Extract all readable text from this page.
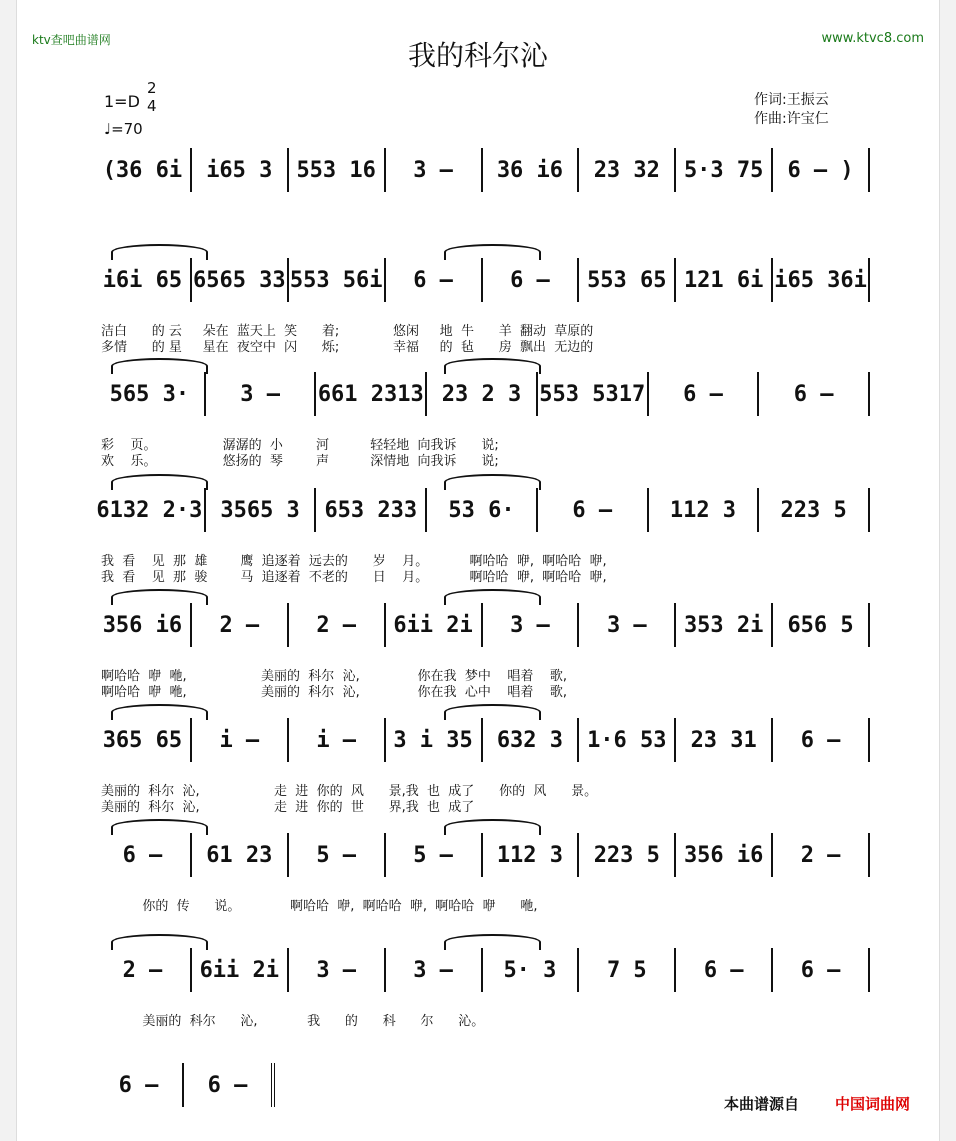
ktv查吧曲谱网	www.ktvc8.com
我的科尔沁
1=D
2
4
♩=70
作词:王振云
作曲:许宝仁
(36 6i	i65 3	553 16	3 –	36 i6	23 32	5·3 75	6 – )
i6i 65 6565 33 553 56i	6 –	6 –	553 65 121 6i i65 36i
洁白      的 云     朵在  蓝天上  笑      着;             悠闲     地  牛      羊  翻动  草原的
多情      的 星     星在  夜空中  闪      烁;             幸福     的  毡      房  飘出  无边的
565 3·	3 –	661 2313 23 2 3 553 5317	6 –	6 –
彩    页。                潺潺的  小        河          轻轻地  向我诉      说;
欢    乐。                悠扬的  琴        声          深情地  向我诉      说;
6132 2·3 3565 3	653 233	53 6·	6 –	112 3	223 5
我  看    见  那  雄        鹰  追逐着  远去的      岁    月。          啊哈哈  咿,  啊哈哈  咿,
我  看    见  那  骏        马  追逐着  不老的      日    月。          啊哈哈  咿,  啊哈哈  咿,
356 i6	2 –	2 –	6ii 2i	3 –	3 –	353 2i	656 5
啊哈哈  咿  咃,                  美丽的  科尔  沁,              你在我  梦中    唱着    歌,
啊哈哈  咿  咃,                  美丽的  科尔  沁,              你在我  心中    唱着    歌,
365 65	i –	i –	3 i 35	632 3	1·6 53	23 31	6 –
美丽的  科尔  沁,                  走  进  你的  风      景,我  也  成了      你的  风      景。
美丽的  科尔  沁,                  走  进  你的  世      界,我  也  成了
6 –	61 23	5 –	5 –	112 3	223 5	356 i6	2 –
你的  传      说。            啊哈哈  咿,  啊哈哈  咿,  啊哈哈  咿      咃,
2 –	6ii 2i	3 –	3 –	5· 3	7 5	6 –	6 –
美丽的  科尔      沁,            我      的      科      尔      沁。
6 –	6 –
本曲谱源自 中国词曲网
